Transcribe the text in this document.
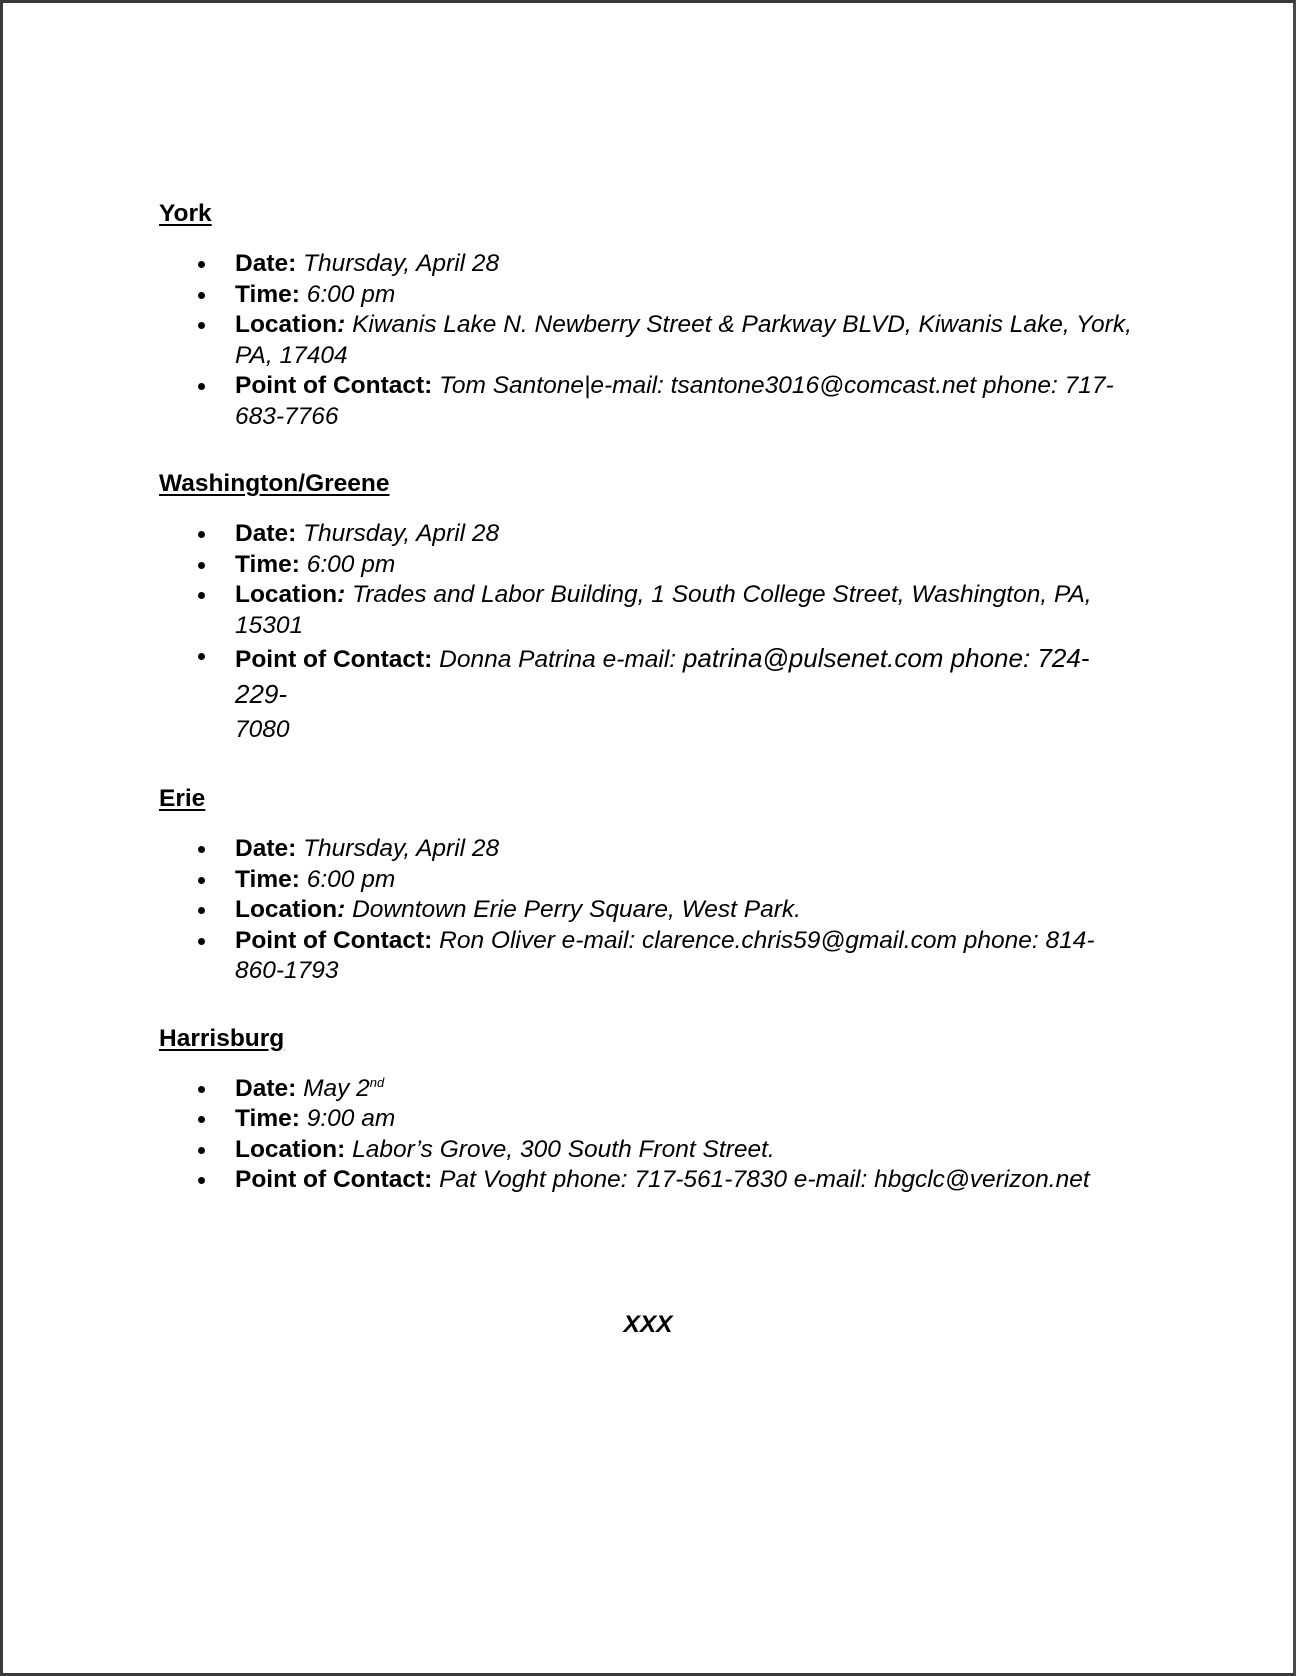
York
Date: Thursday, April 28
Time: 6:00 pm
Location: Kiwanis Lake N. Newberry Street & Parkway BLVD, Kiwanis Lake, York, PA, 17404
Point of Contact: Tom Santone|e-mail: tsantone3016@comcast.net phone: 717-683-7766
Washington/Greene
Date: Thursday, April 28
Time: 6:00 pm
Location: Trades and Labor Building, 1 South College Street, Washington, PA, 15301
Point of Contact: Donna Patrina e-mail: patrina@pulsenet.com phone: 724-229-
7080
Erie
Date: Thursday, April 28
Time: 6:00 pm
Location: Downtown Erie Perry Square, West Park.
Point of Contact: Ron Oliver e-mail: clarence.chris59@gmail.com phone: 814-860-1793
Harrisburg
Date: May 2nd
Time: 9:00 am
Location: Labor’s Grove, 300 South Front Street.
Point of Contact: Pat Voght phone: 717-561-7830 e-mail: hbgclc@verizon.net
XXX
